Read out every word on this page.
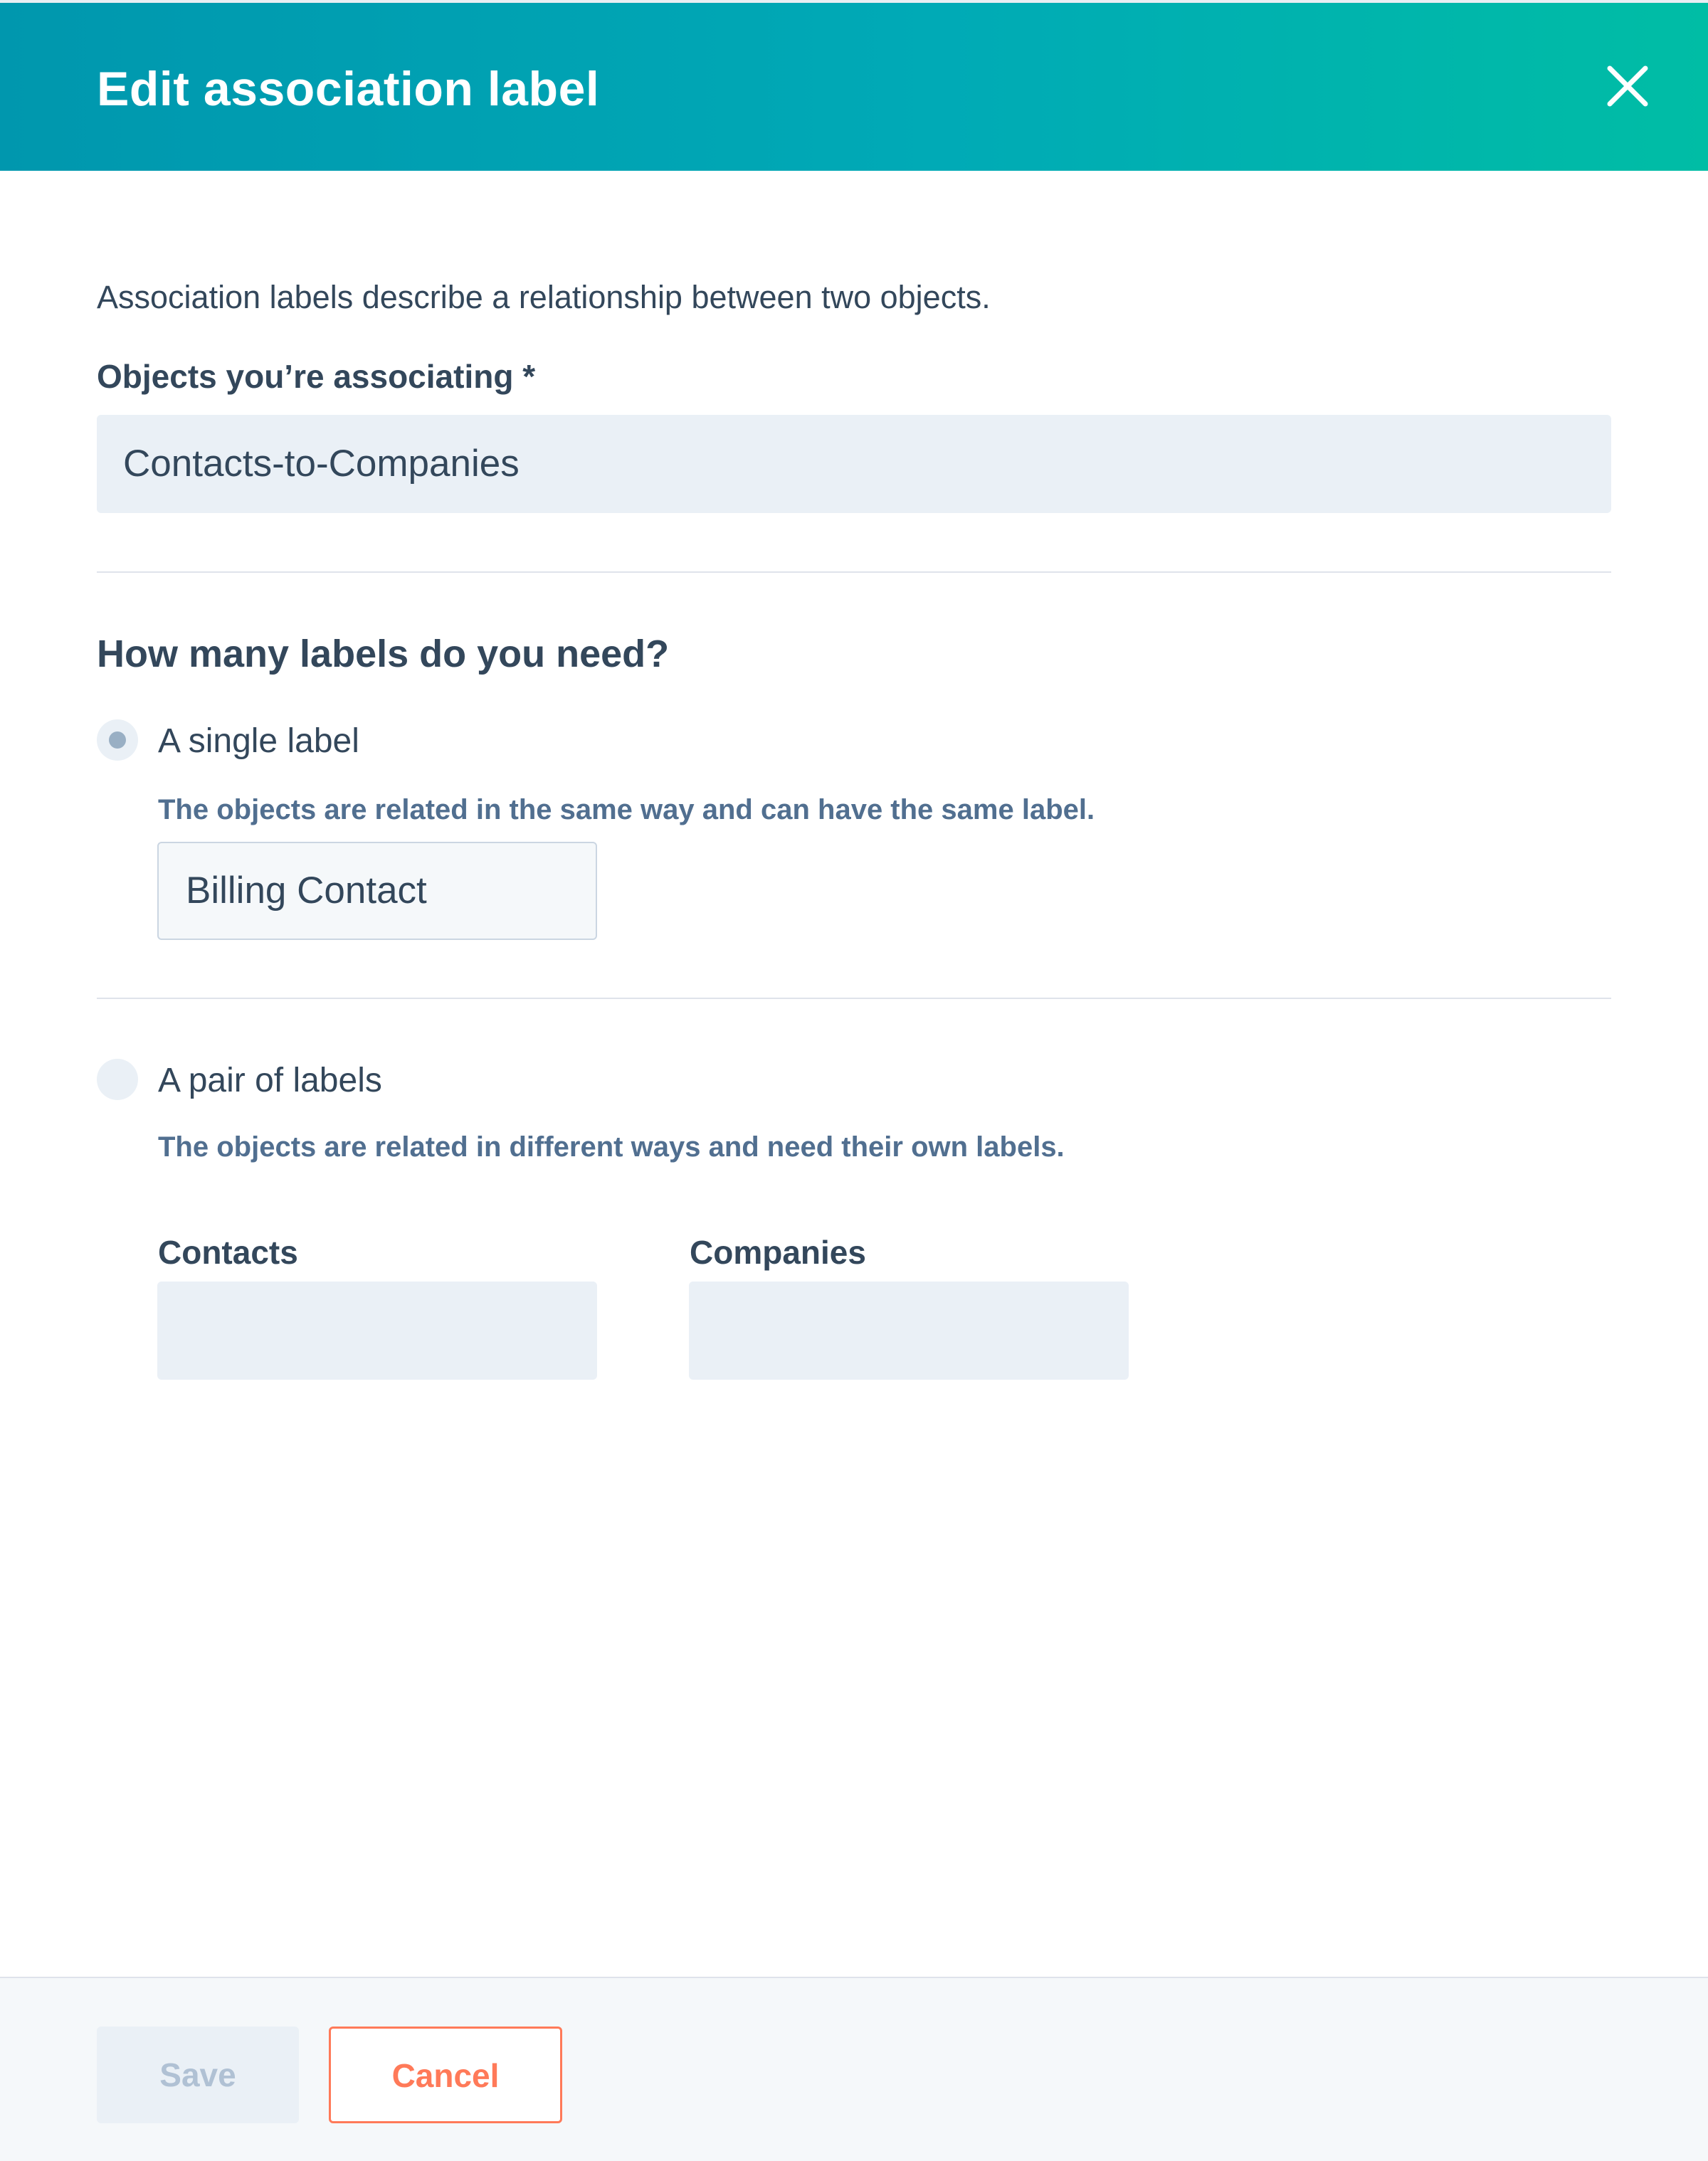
Edit association label
Association labels describe a relationship between two objects.
Objects you’re associating *
Contacts-to-Companies
How many labels do you need?
A single label
The objects are related in the same way and can have the same label.
Billing Contact
A pair of labels
The objects are related in different ways and need their own labels.
Contacts	Companies
Save	Cancel
